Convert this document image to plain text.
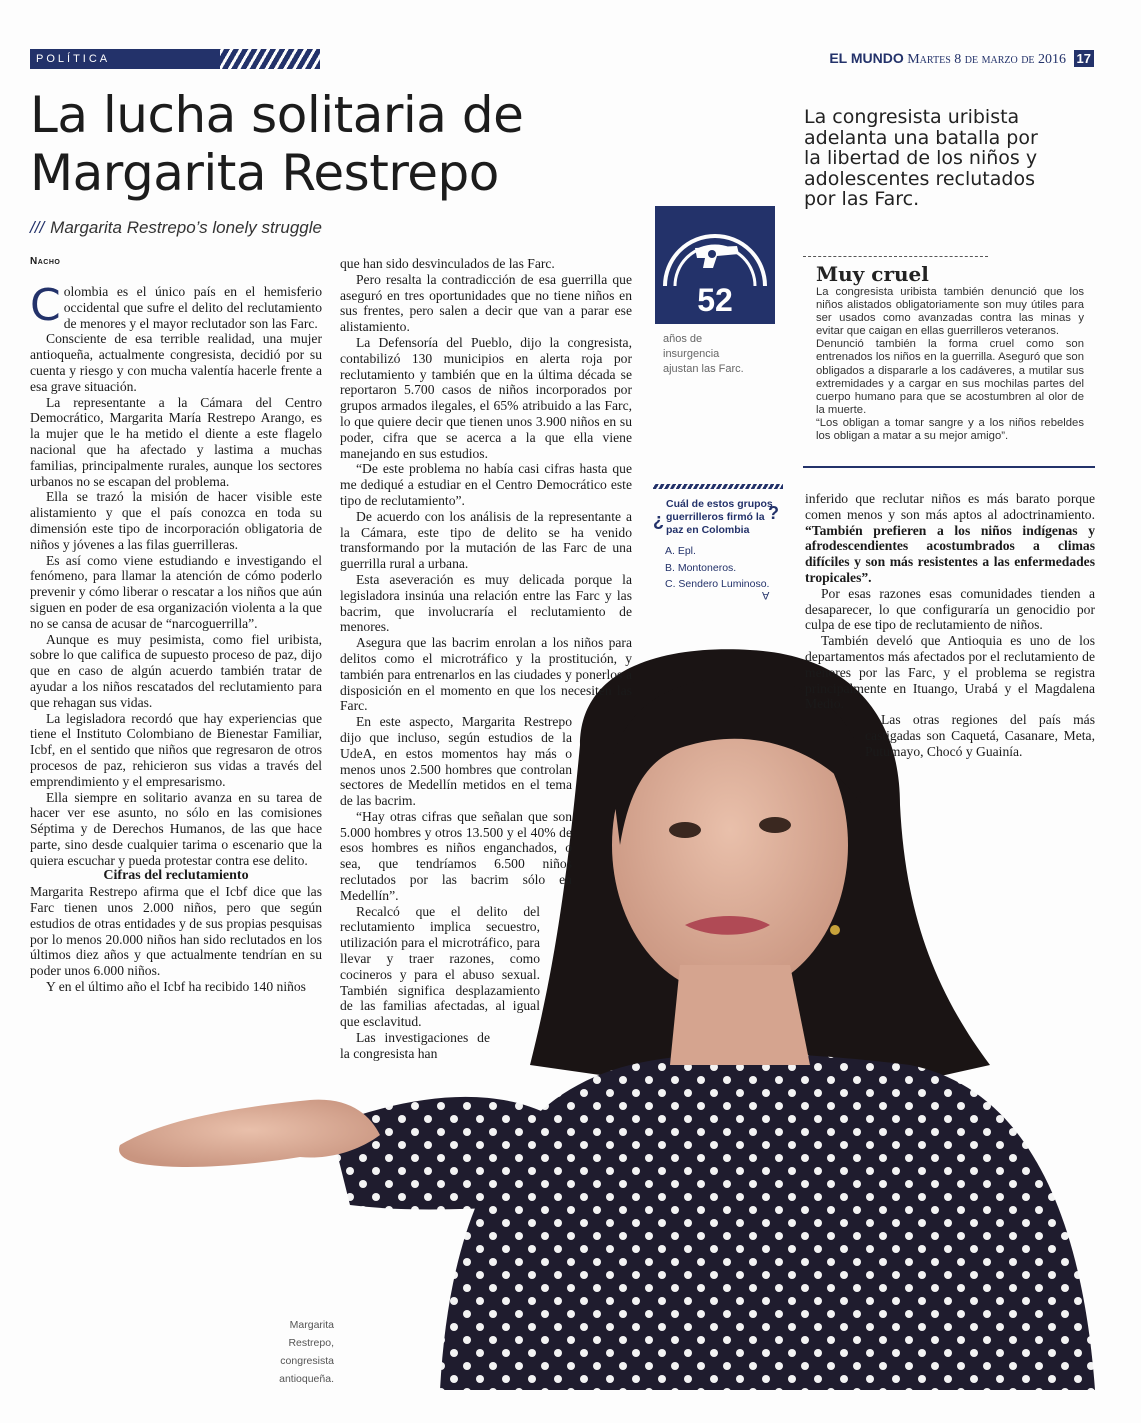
POLÍTICA	EL MUNDO Martes 8 de marzo de 2016 17
La lucha solitaria de
Margarita Restrepo
/// Margarita Restrepo’s lonely struggle
Nacho

Colombia es el único país en el hemisferio occidental que sufre el delito del reclutamiento de menores y el mayor reclutador son las Farc.

Consciente de esa terrible realidad, una mujer antioqueña, actualmente congresista, decidió por su cuenta y riesgo y con mucha valentía hacerle frente a esa grave situación.

La representante a la Cámara del Centro Democrático, Margarita María Restrepo Arango, es la mujer que le ha metido el diente a este flagelo nacional que ha afectado y lastima a muchas familias, principalmente rurales, aunque los sectores urbanos no se escapan del problema.

Ella se trazó la misión de hacer visible este alistamiento y que el país conozca en toda su dimensión este tipo de incorporación obligatoria de niños y jóvenes a las filas guerrilleras.

Es así como viene estudiando e investigando el fenómeno, para llamar la atención de cómo poderlo prevenir y cómo liberar o rescatar a los niños que aún siguen en poder de esa organización violenta a la que no se cansa de acusar de “narcoguerrilla”.

Aunque es muy pesimista, como fiel uribista, sobre lo que califica de supuesto proceso de paz, dijo que en caso de algún acuerdo también tratar de ayudar a los niños rescatados del reclutamiento para que rehagan sus vidas.

La legisladora recordó que hay experiencias que tiene el Instituto Colombiano de Bienestar Familiar, Icbf, en el sentido que niños que regresaron de otros procesos de paz, rehicieron sus vidas a través del emprendimiento y el empresarismo.

Ella siempre en solitario avanza en su tarea de hacer ver ese asunto, no sólo en las comisiones Séptima y de Derechos Humanos, de las que hace parte, sino desde cualquier tarima o escenario que la quiera escuchar y pueda protestar contra ese delito.

Cifras del reclutamiento

Margarita Restrepo afirma que el Icbf dice que las Farc tienen unos 2.000 niños, pero que según estudios de otras entidades y de sus propias pesquisas por lo menos 20.000 niños han sido reclutados en los últimos diez años y que actualmente tendrían en su poder unos 6.000 niños.

Y en el último año el Icbf ha recibido 140 niños

que han sido desvinculados de las Farc.

Pero resalta la contradicción de esa guerrilla que aseguró en tres oportunidades que no tiene niños en sus frentes, pero salen a decir que van a parar ese alistamiento.

La Defensoría del Pueblo, dijo la congresista, contabilizó 130 municipios en alerta roja por reclutamiento y también que en la última década se reportaron 5.700 casos de niños incorporados por grupos armados ilegales, el 65% atribuido a las Farc, lo que quiere decir que tienen unos 3.900 niños en su poder, cifra que se acerca a la que ella viene manejando en sus estudios.

“De este problema no había casi cifras hasta que me dediqué a estudiar en el Centro Democrático este tipo de reclutamiento”.

De acuerdo con los análisis de la representante a la Cámara, este tipo de delito se ha venido transformando por la mutación de las Farc de una guerrilla rural a urbana.

Esta aseveración es muy delicada porque la legisladora insinúa una relación entre las Farc y las bacrim, que involucraría el reclutamiento de menores.

Asegura que las bacrim enrolan a los niños para delitos como el microtráfico y la prostitución, y también para entrenarlos en las ciudades y ponerlos a disposición en el momento en que los necesiten las Farc.

En este aspecto, Margarita Restrepo dijo que incluso, según estudios de la UdeA, en estos momentos hay más o menos unos 2.500 hombres que controlan sectores de Medellín metidos en el tema de las bacrim.

“Hay otras cifras que señalan que son 5.000 hombres y otros 13.500 y el 40% de esos hombres es niños enganchados, o sea, que tendríamos 6.500 niños reclutados por las bacrim sólo en Medellín”.

Recalcó que el delito del reclutamiento implica secuestro, utilización para el microtráfico, para llevar y traer razones, como cocineros y para el abuso sexual. También significa desplazamiento de las familias afectadas, al igual que esclavitud.

Las investigaciones de la congresista han

La congresista uribista
adelanta una batalla por
la libertad de los niños y
adolescentes reclutados
por las Farc.
52
años de
insurgencia
ajustan las Farc.
¿	?
Cuál de estos grupos guerrilleros firmó la paz en Colombia
A. Epl.
B. Montoneros.
C. Sendero Luminoso.
A
Muy cruel

La congresista uribista también denunció que los niños alistados obligatoriamente son muy útiles para ser usados como avanzadas contra las minas y evitar que caigan en ellas guerrilleros veteranos.

Denunció también la forma cruel como son entrenados los niños en la guerrilla. Aseguró que son obligados a dispararle a los cadáveres, a mutilar sus extremidades y a cargar en sus mochilas partes del cuerpo humano para que se acostumbren al olor de la muerte.

“Los obligan a tomar sangre y a los niños rebeldes los obligan a matar a su mejor amigo”.

inferido que reclutar niños es más barato porque comen menos y son más aptos al adoctrinamiento. “También prefieren a los niños indígenas y afrodescendientes acostumbrados a climas difíciles y son más resistentes a las enfermedades tropicales”.

Por esas razones esas comunidades tienden a desaparecer, lo que configuraría un genocidio por culpa de ese tipo de reclutamiento de niños.

También develó que Antioquia es uno de los departamentos más afectados por el reclutamiento de menores por las Farc, y el problema se registra principalmente en Ituango, Urabá y el Magdalena Medio.

Las otras regiones del país más castigadas son Caquetá, Casanare, Meta, Putumayo, Chocó y Guainía.

Margarita
Restrepo,
congresista
antioqueña.
